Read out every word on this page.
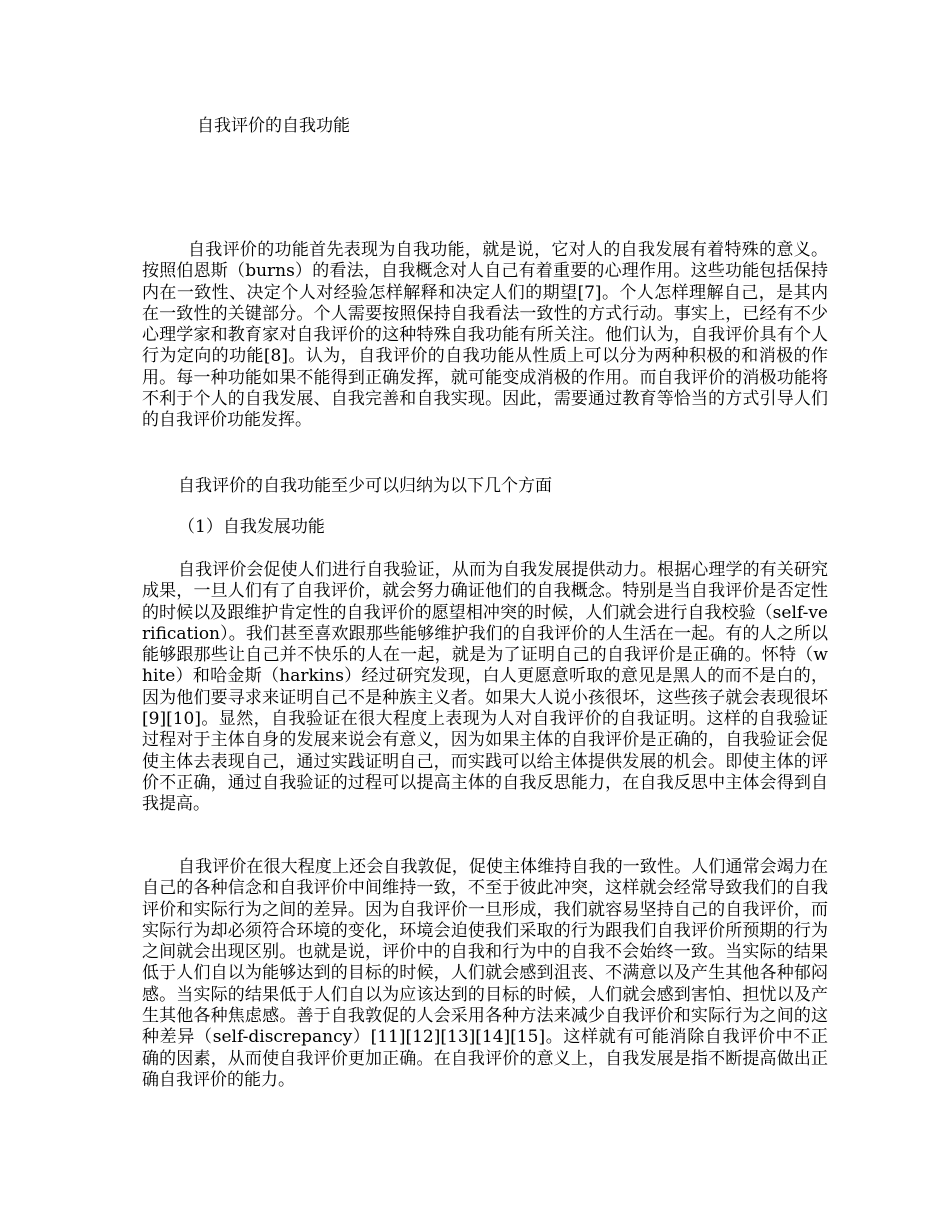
自我评价的自我功能

自我评价的功能首先表现为自我功能，就是说，它对人的自我发展有着特殊的意义。按照伯恩斯（burns）的看法，自我概念对人自己有着重要的心理作用。这些功能包括保持内在一致性、决定个人对经验怎样解释和决定人们的期望[7]。个人怎样理解自己，是其内在一致性的关键部分。个人需要按照保持自我看法一致性的方式行动。事实上，已经有不少心理学家和教育家对自我评价的这种特殊自我功能有所关注。他们认为，自我评价具有个人行为定向的功能[8]。认为，自我评价的自我功能从性质上可以分为两种积极的和消极的作用。每一种功能如果不能得到正确发挥，就可能变成消极的作用。而自我评价的消极功能将不利于个人的自我发展、自我完善和自我实现。因此，需要通过教育等恰当的方式引导人们的自我评价功能发挥。

自我评价的自我功能至少可以归纳为以下几个方面

（1）自我发展功能

自我评价会促使人们进行自我验证，从而为自我发展提供动力。根据心理学的有关研究成果，一旦人们有了自我评价，就会努力确证他们的自我概念。特别是当自我评价是否定性的时候以及跟维护肯定性的自我评价的愿望相冲突的时候，人们就会进行自我校验（self-verification）。我们甚至喜欢跟那些能够维护我们的自我评价的人生活在一起。有的人之所以能够跟那些让自己并不快乐的人在一起，就是为了证明自己的自我评价是正确的。怀特（white）和哈金斯（harkins）经过研究发现，白人更愿意听取的意见是黑人的而不是白的，因为他们要寻求来证明自己不是种族主义者。如果大人说小孩很坏，这些孩子就会表现很坏[9][10]。显然，自我验证在很大程度上表现为人对自我评价的自我证明。这样的自我验证过程对于主体自身的发展来说会有意义，因为如果主体的自我评价是正确的，自我验证会促使主体去表现自己，通过实践证明自己，而实践可以给主体提供发展的机会。即使主体的评价不正确，通过自我验证的过程可以提高主体的自我反思能力，在自我反思中主体会得到自我提高。

自我评价在很大程度上还会自我敦促，促使主体维持自我的一致性。人们通常会竭力在自己的各种信念和自我评价中间维持一致，不至于彼此冲突，这样就会经常导致我们的自我评价和实际行为之间的差异。因为自我评价一旦形成，我们就容易坚持自己的自我评价，而实际行为却必须符合环境的变化，环境会迫使我们采取的行为跟我们自我评价所预期的行为之间就会出现区别。也就是说，评价中的自我和行为中的自我不会始终一致。当实际的结果低于人们自以为能够达到的目标的时候，人们就会感到沮丧、不满意以及产生其他各种郁闷感。当实际的结果低于人们自以为应该达到的目标的时候，人们就会感到害怕、担忧以及产生其他各种焦虑感。善于自我敦促的人会采用各种方法来减少自我评价和实际行为之间的这种差异（self-discrepancy）[11][12][13][14][15]。这样就有可能消除自我评价中不正确的因素，从而使自我评价更加正确。在自我评价的意义上，自我发展是指不断提高做出正确自我评价的能力。
